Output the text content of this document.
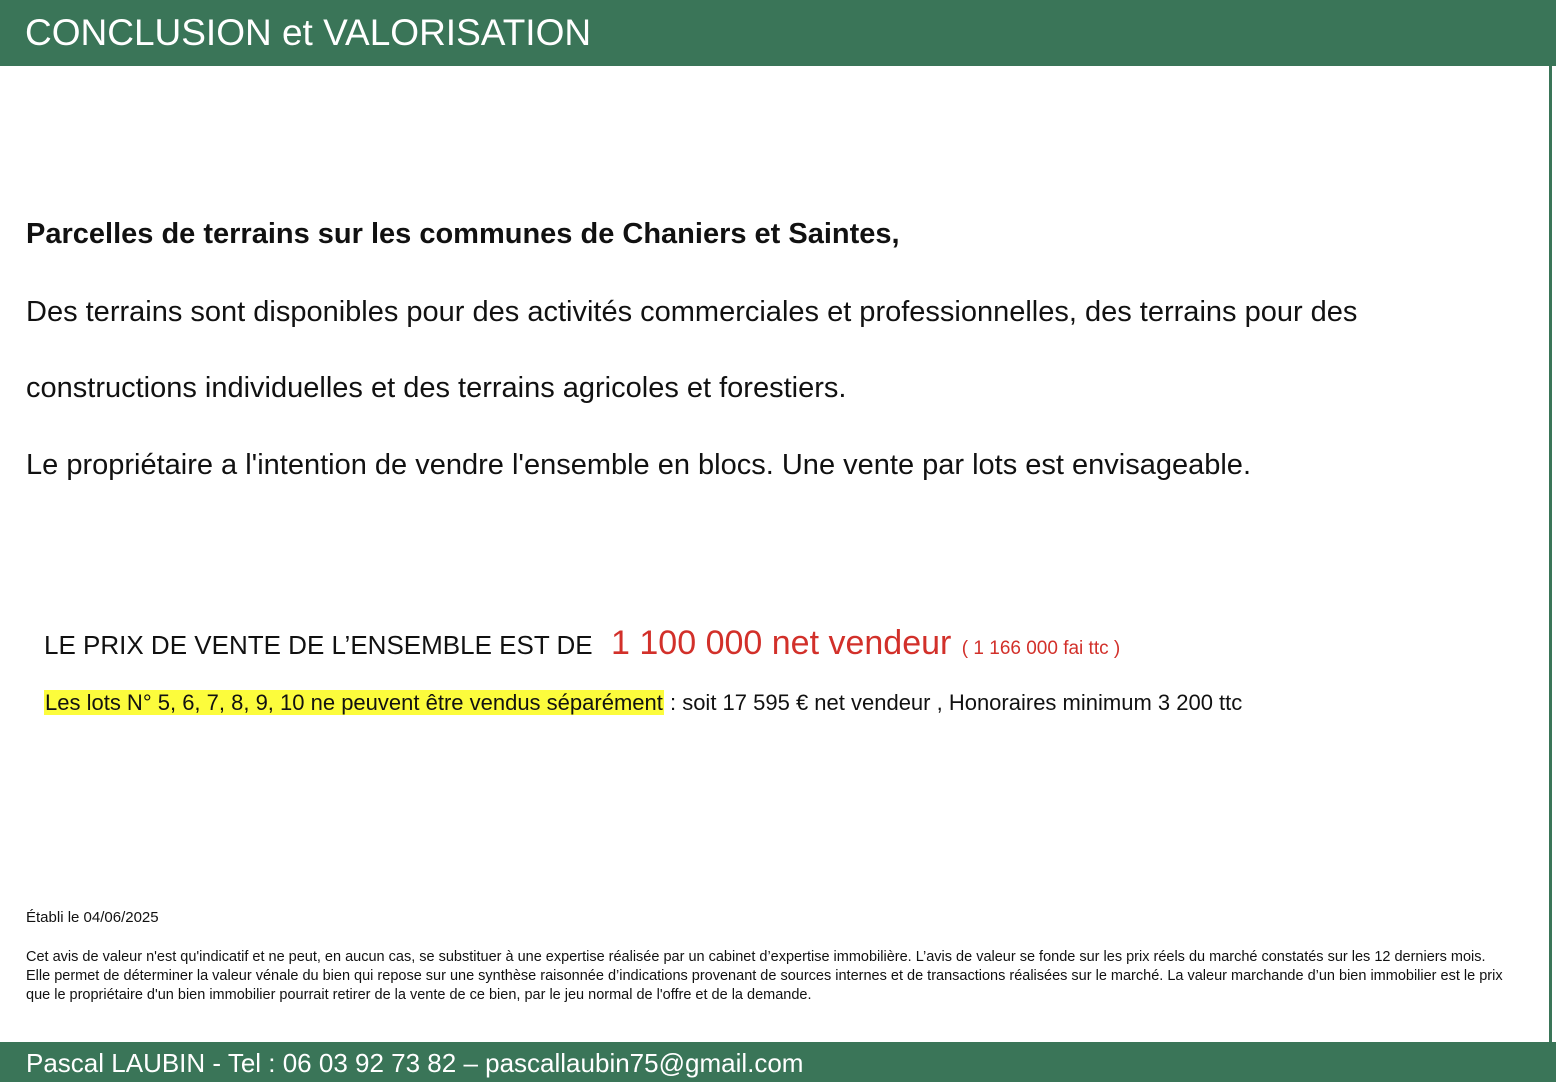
CONCLUSION et VALORISATION
Parcelles de terrains sur les communes de Chaniers et Saintes,
Des terrains sont disponibles pour des activités commerciales et professionnelles, des terrains pour des
constructions individuelles et des terrains agricoles et forestiers.
Le propriétaire a l'intention de vendre l'ensemble en blocs. Une vente par lots est envisageable.
LE PRIX DE VENTE DE L’ENSEMBLE EST DE 1 100 000 net vendeur ( 1 166 000 fai ttc )
Les lots N° 5, 6, 7, 8, 9, 10 ne peuvent être vendus séparément : soit 17 595 € net vendeur , Honoraires minimum 3 200 ttc
Établi le 04/06/2025
Cet avis de valeur n'est qu'indicatif et ne peut, en aucun cas, se substituer à une expertise réalisée par un cabinet d’expertise immobilière. L’avis de valeur se fonde sur les prix réels du marché constatés sur les 12 derniers mois. Elle permet de déterminer la valeur vénale du bien qui repose sur une synthèse raisonnée d’indications provenant de sources internes et de transactions réalisées sur le marché. La valeur marchande d’un bien immobilier est le prix que le propriétaire d'un bien immobilier pourrait retirer de la vente de ce bien, par le jeu normal de l'offre et de la demande.
Pascal LAUBIN - Tel : 06 03 92 73 82 – pascallaubin75@gmail.com
